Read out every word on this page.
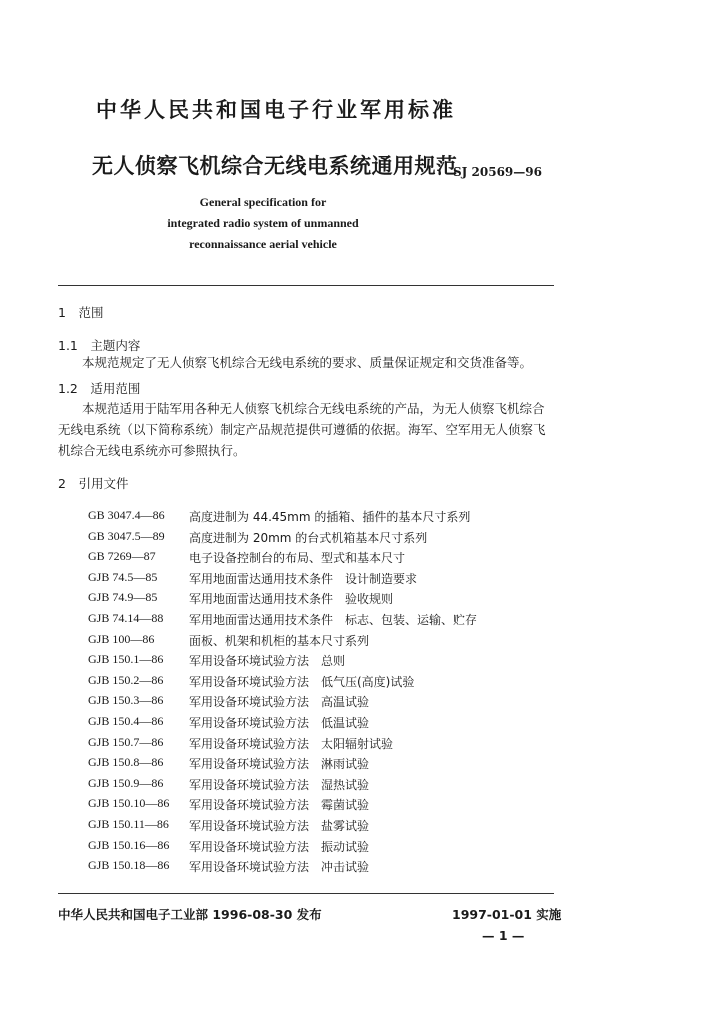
中华人民共和国电子行业军用标准
无人侦察飞机综合无线电系统通用规范
SJ 20569—96
General specification for
integrated radio system of unmanned
reconnaissance aerial vehicle
1　范围
1.1　主题内容
本规范规定了无人侦察飞机综合无线电系统的要求、质量保证规定和交货准备等。
1.2　适用范围
本规范适用于陆军用各种无人侦察飞机综合无线电系统的产品，为无人侦察飞机综合无线电系统（以下简称系统）制定产品规范提供可遵循的依据。海军、空军用无人侦察飞机综合无线电系统亦可参照执行。
2　引用文件
GB 3047.4—86 高度进制为 44.45mm 的插箱、插件的基本尺寸系列
GB 3047.5—89 高度进制为 20mm 的台式机箱基本尺寸系列
GB 7269—87	电子设备控制台的布局、型式和基本尺寸
GJB 74.5—85	军用地面雷达通用技术条件　设计制造要求
GJB 74.9—85	军用地面雷达通用技术条件　验收规则
GJB 74.14—88 军用地面雷达通用技术条件　标志、包装、运输、贮存
GJB 100—86	面板、机架和机柜的基本尺寸系列
GJB 150.1—86 军用设备环境试验方法　总则
GJB 150.2—86 军用设备环境试验方法　低气压(高度)试验
GJB 150.3—86 军用设备环境试验方法　高温试验
GJB 150.4—86 军用设备环境试验方法　低温试验
GJB 150.7—86 军用设备环境试验方法　太阳辐射试验
GJB 150.8—86 军用设备环境试验方法　淋雨试验
GJB 150.9—86 军用设备环境试验方法　湿热试验
GJB 150.10—86 军用设备环境试验方法　霉菌试验
GJB 150.11—86 军用设备环境试验方法　盐雾试验
GJB 150.16—86 军用设备环境试验方法　振动试验
GJB 150.18—86 军用设备环境试验方法　冲击试验
中华人民共和国电子工业部 1996-08-30 发布	1997-01-01 实施
— 1 —
